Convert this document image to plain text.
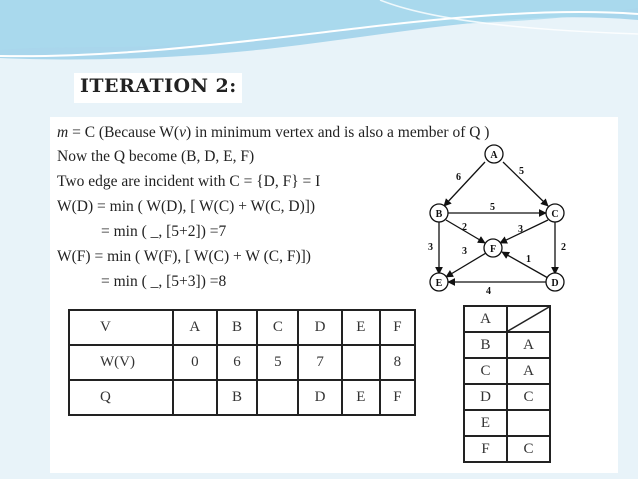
ITERATION 2:
m = C (Because W(v) in minimum vertex and is also a member of Q )
Now the Q become (B, D, E, F)
Two edge are incident with C = {D, F} = I
W(D) = min ( W(D), [ W(C) + W(C, D)])
= min ( _, [5+2]) =7
W(F) = min ( W(F), [ W(C) + W (C, F)])
= min ( _, [5+3]) =8
6
5
5
2	3
3	3	2
1
4
A
B	C
E
F
D
V	A	B	C	D	E	F
W(V)	0	6	5	7		8
Q		B		D	E	F
A	

B	A
C	A
D	C
E	
F	C
